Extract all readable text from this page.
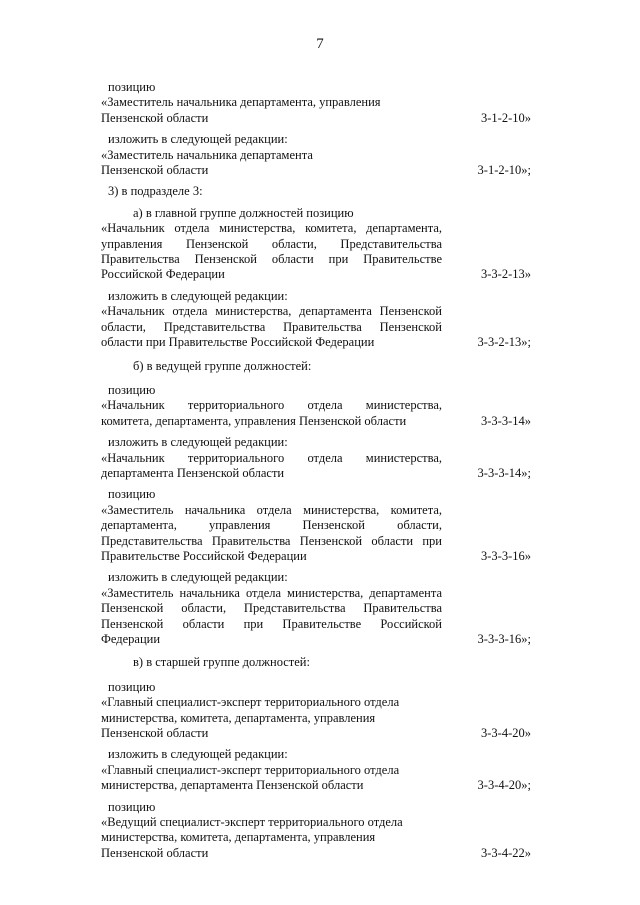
7
позицию
«Заместитель начальника департамента, управления
Пензенской области	3-1-2-10»
изложить в следующей редакции:
«Заместитель начальника департамента
Пензенской области	3-1-2-10»;
3) в подразделе 3:
а) в главной группе должностей позицию
«Начальник отдела министерства, комитета, департамента,
управления Пензенской области, Представительства
Правительства Пензенской области при Правительстве
Российской Федерации	3-3-2-13»
изложить в следующей редакции:
«Начальник отдела министерства, департамента Пензенской
области, Представительства Правительства Пензенской
области при Правительстве Российской Федерации	3-3-2-13»;
б) в ведущей группе должностей:
позицию
«Начальник территориального отдела министерства,
комитета, департамента, управления Пензенской области	3-3-3-14»
изложить в следующей редакции:
«Начальник территориального отдела министерства,
департамента Пензенской области	3-3-3-14»;
позицию
«Заместитель начальника отдела министерства, комитета,
департамента, управления Пензенской области,
Представительства Правительства Пензенской области при
Правительстве Российской Федерации	3-3-3-16»
изложить в следующей редакции:
«Заместитель начальника отдела министерства, департамента
Пензенской области, Представительства Правительства
Пензенской области при Правительстве Российской
Федерации	3-3-3-16»;
в) в старшей группе должностей:
позицию
«Главный специалист-эксперт территориального отдела
министерства, комитета, департамента, управления
Пензенской области	3-3-4-20»
изложить в следующей редакции:
«Главный специалист-эксперт территориального отдела
министерства, департамента Пензенской области	3-3-4-20»;
позицию
«Ведущий специалист-эксперт территориального отдела
министерства, комитета, департамента, управления
Пензенской области	3-3-4-22»
